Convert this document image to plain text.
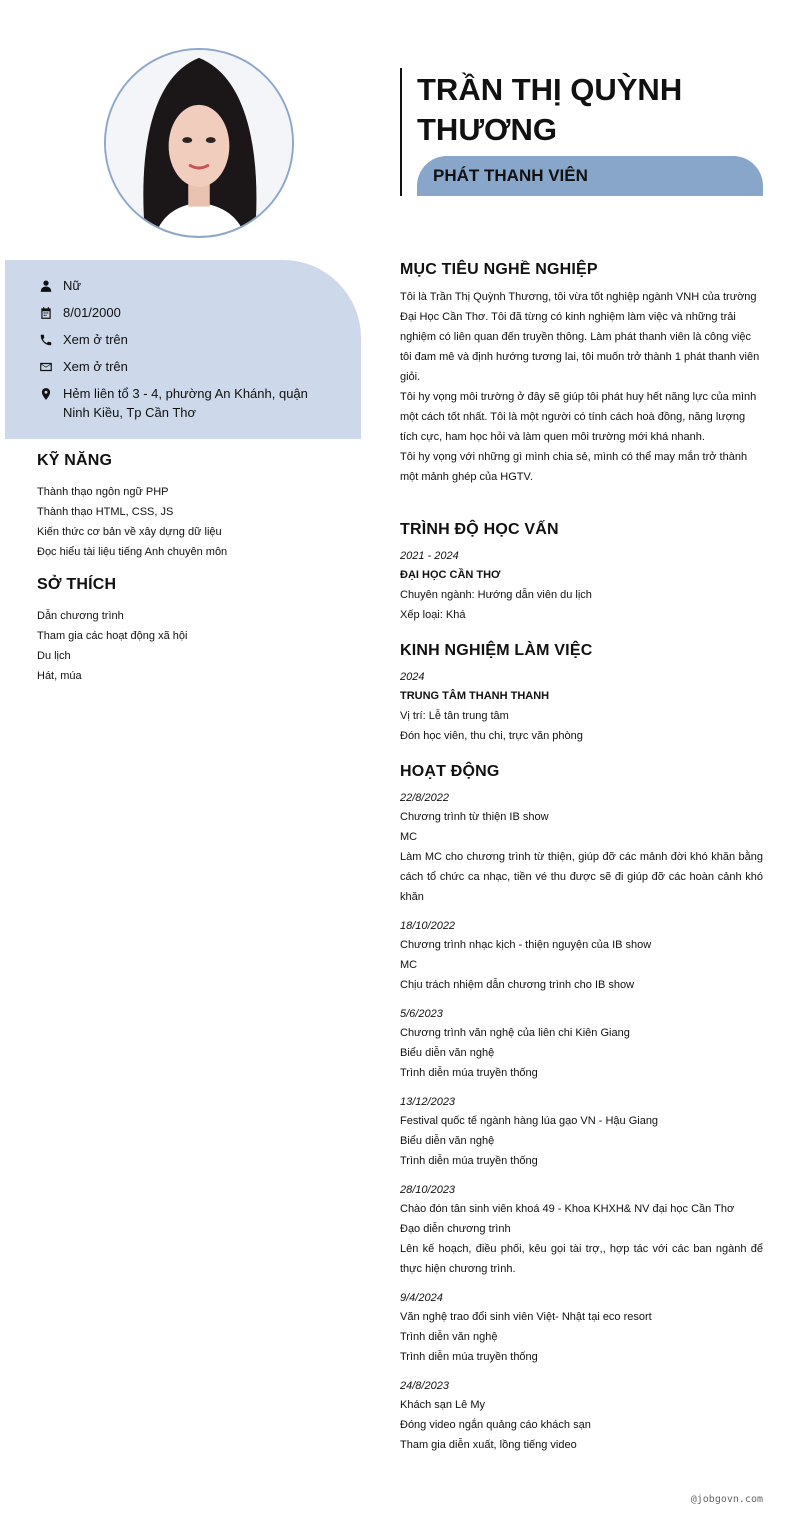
Nữ
8/01/2000
Xem ở trên
Xem ở trên
Hẻm liên tổ 3 - 4, phường An Khánh, quận Ninh Kiều, Tp Cần Thơ
KỸ NĂNG
Thành thạo ngôn ngữ PHP
Thành thạo HTML, CSS, JS
Kiến thức cơ bản về xây dựng dữ liệu
Đọc hiểu tài liệu tiếng Anh chuyên môn
SỞ THÍCH
Dẫn chương trình
Tham gia các hoạt động xã hội
Du lịch
Hát, múa
TRẦN THỊ QUỲNH THƯƠNG
PHÁT THANH VIÊN
MỤC TIÊU NGHỀ NGHIỆP

Tôi là Trần Thị Quỳnh Thương, tôi vừa tốt nghiệp ngành VNH của trường Đại Học Cần Thơ. Tôi đã từng có kinh nghiệm làm việc và những trải nghiệm có liên quan đến truyền thông. Làm phát thanh viên là công việc tôi đam mê và định hướng tương lai, tôi muốn trở thành 1 phát thanh viên giỏi.

Tôi hy vọng môi trường ở đây sẽ giúp tôi phát huy hết năng lực của mình một cách tốt nhất. Tôi là một người có tính cách hoà đồng, năng lượng tích cực, ham học hỏi và làm quen môi trường mới khá nhanh.

Tôi hy vọng với những gì mình chia sẻ, mình có thể may mắn trở thành một mảnh ghép của HGTV.

TRÌNH ĐỘ HỌC VẤN
2021 - 2024
ĐẠI HỌC CẦN THƠ
Chuyên ngành: Hướng dẫn viên du lịch
Xếp loại: Khá
KINH NGHIỆM LÀM VIỆC
2024
TRUNG TÂM THANH THANH
Vị trí: Lễ tân trung tâm
Đón học viên, thu chi, trực văn phòng
HOẠT ĐỘNG
22/8/2022
Chương trình từ thiện IB show
MC
Làm MC cho chương trình từ thiện, giúp đỡ các mảnh đời khó khăn bằng cách tổ chức ca nhạc, tiền vé thu được sẽ đi giúp đỡ các hoàn cảnh khó khăn
18/10/2022
Chương trình nhạc kịch - thiện nguyện của IB show
MC
Chịu trách nhiệm dẫn chương trình cho IB show
5/6/2023
Chương trình văn nghệ của liên chi Kiên Giang
Biểu diễn văn nghệ
Trình diễn múa truyền thống
13/12/2023
Festival quốc tế ngành hàng lúa gạo VN - Hậu Giang
Biểu diễn văn nghệ
Trình diễn múa truyền thống
28/10/2023
Chào đón tân sinh viên khoá 49 - Khoa KHXH& NV đại học Cần Thơ
Đạo diễn chương trình
Lên kế hoạch, điều phối, kêu gọi tài trợ,, hợp tác với các ban ngành để thực hiện chương trình.
9/4/2024
Văn nghệ trao đổi sinh viên Việt- Nhật tại eco resort
Trình diễn văn nghệ
Trình diễn múa truyền thống
24/8/2023
Khách sạn Lê My
Đóng video ngắn quảng cáo khách sạn
Tham gia diễn xuất, lồng tiếng video
@jobgovn.com
